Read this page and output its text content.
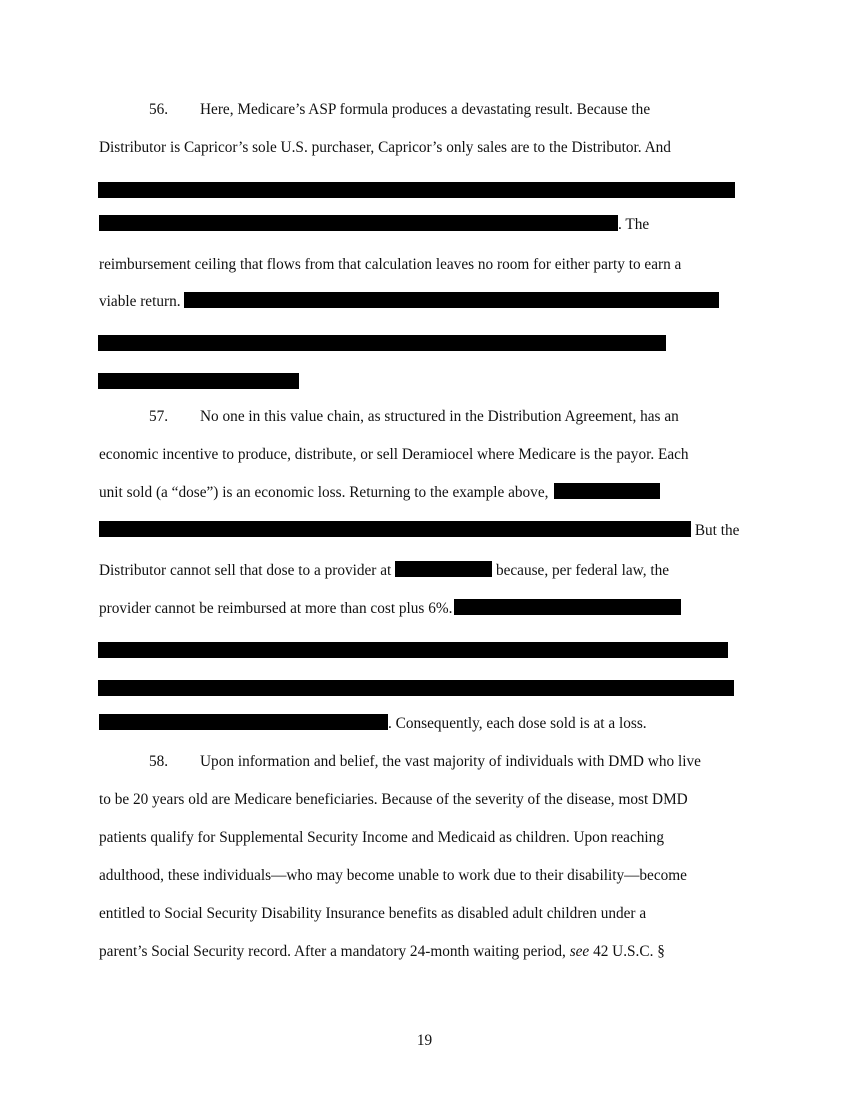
56. Here, Medicare’s ASP formula produces a devastating result. Because the
Distributor is Capricor’s sole U.S. purchaser, Capricor’s only sales are to the Distributor. And
. The
reimbursement ceiling that flows from that calculation leaves no room for either party to earn a
viable return.
57. No one in this value chain, as structured in the Distribution Agreement, has an
economic incentive to produce, distribute, or sell Deramiocel where Medicare is the payor. Each
unit sold (a “dose”) is an economic loss. Returning to the example above,
But the
Distributor cannot sell that dose to a provider at	because, per federal law, the
provider cannot be reimbursed at more than cost plus 6%.
. Consequently, each dose sold is at a loss.
58. Upon information and belief, the vast majority of individuals with DMD who live
to be 20 years old are Medicare beneficiaries. Because of the severity of the disease, most DMD
patients qualify for Supplemental Security Income and Medicaid as children. Upon reaching
adulthood, these individuals—who may become unable to work due to their disability—become
entitled to Social Security Disability Insurance benefits as disabled adult children under a
parent’s Social Security record. After a mandatory 24-month waiting period, see 42 U.S.C. §
19
